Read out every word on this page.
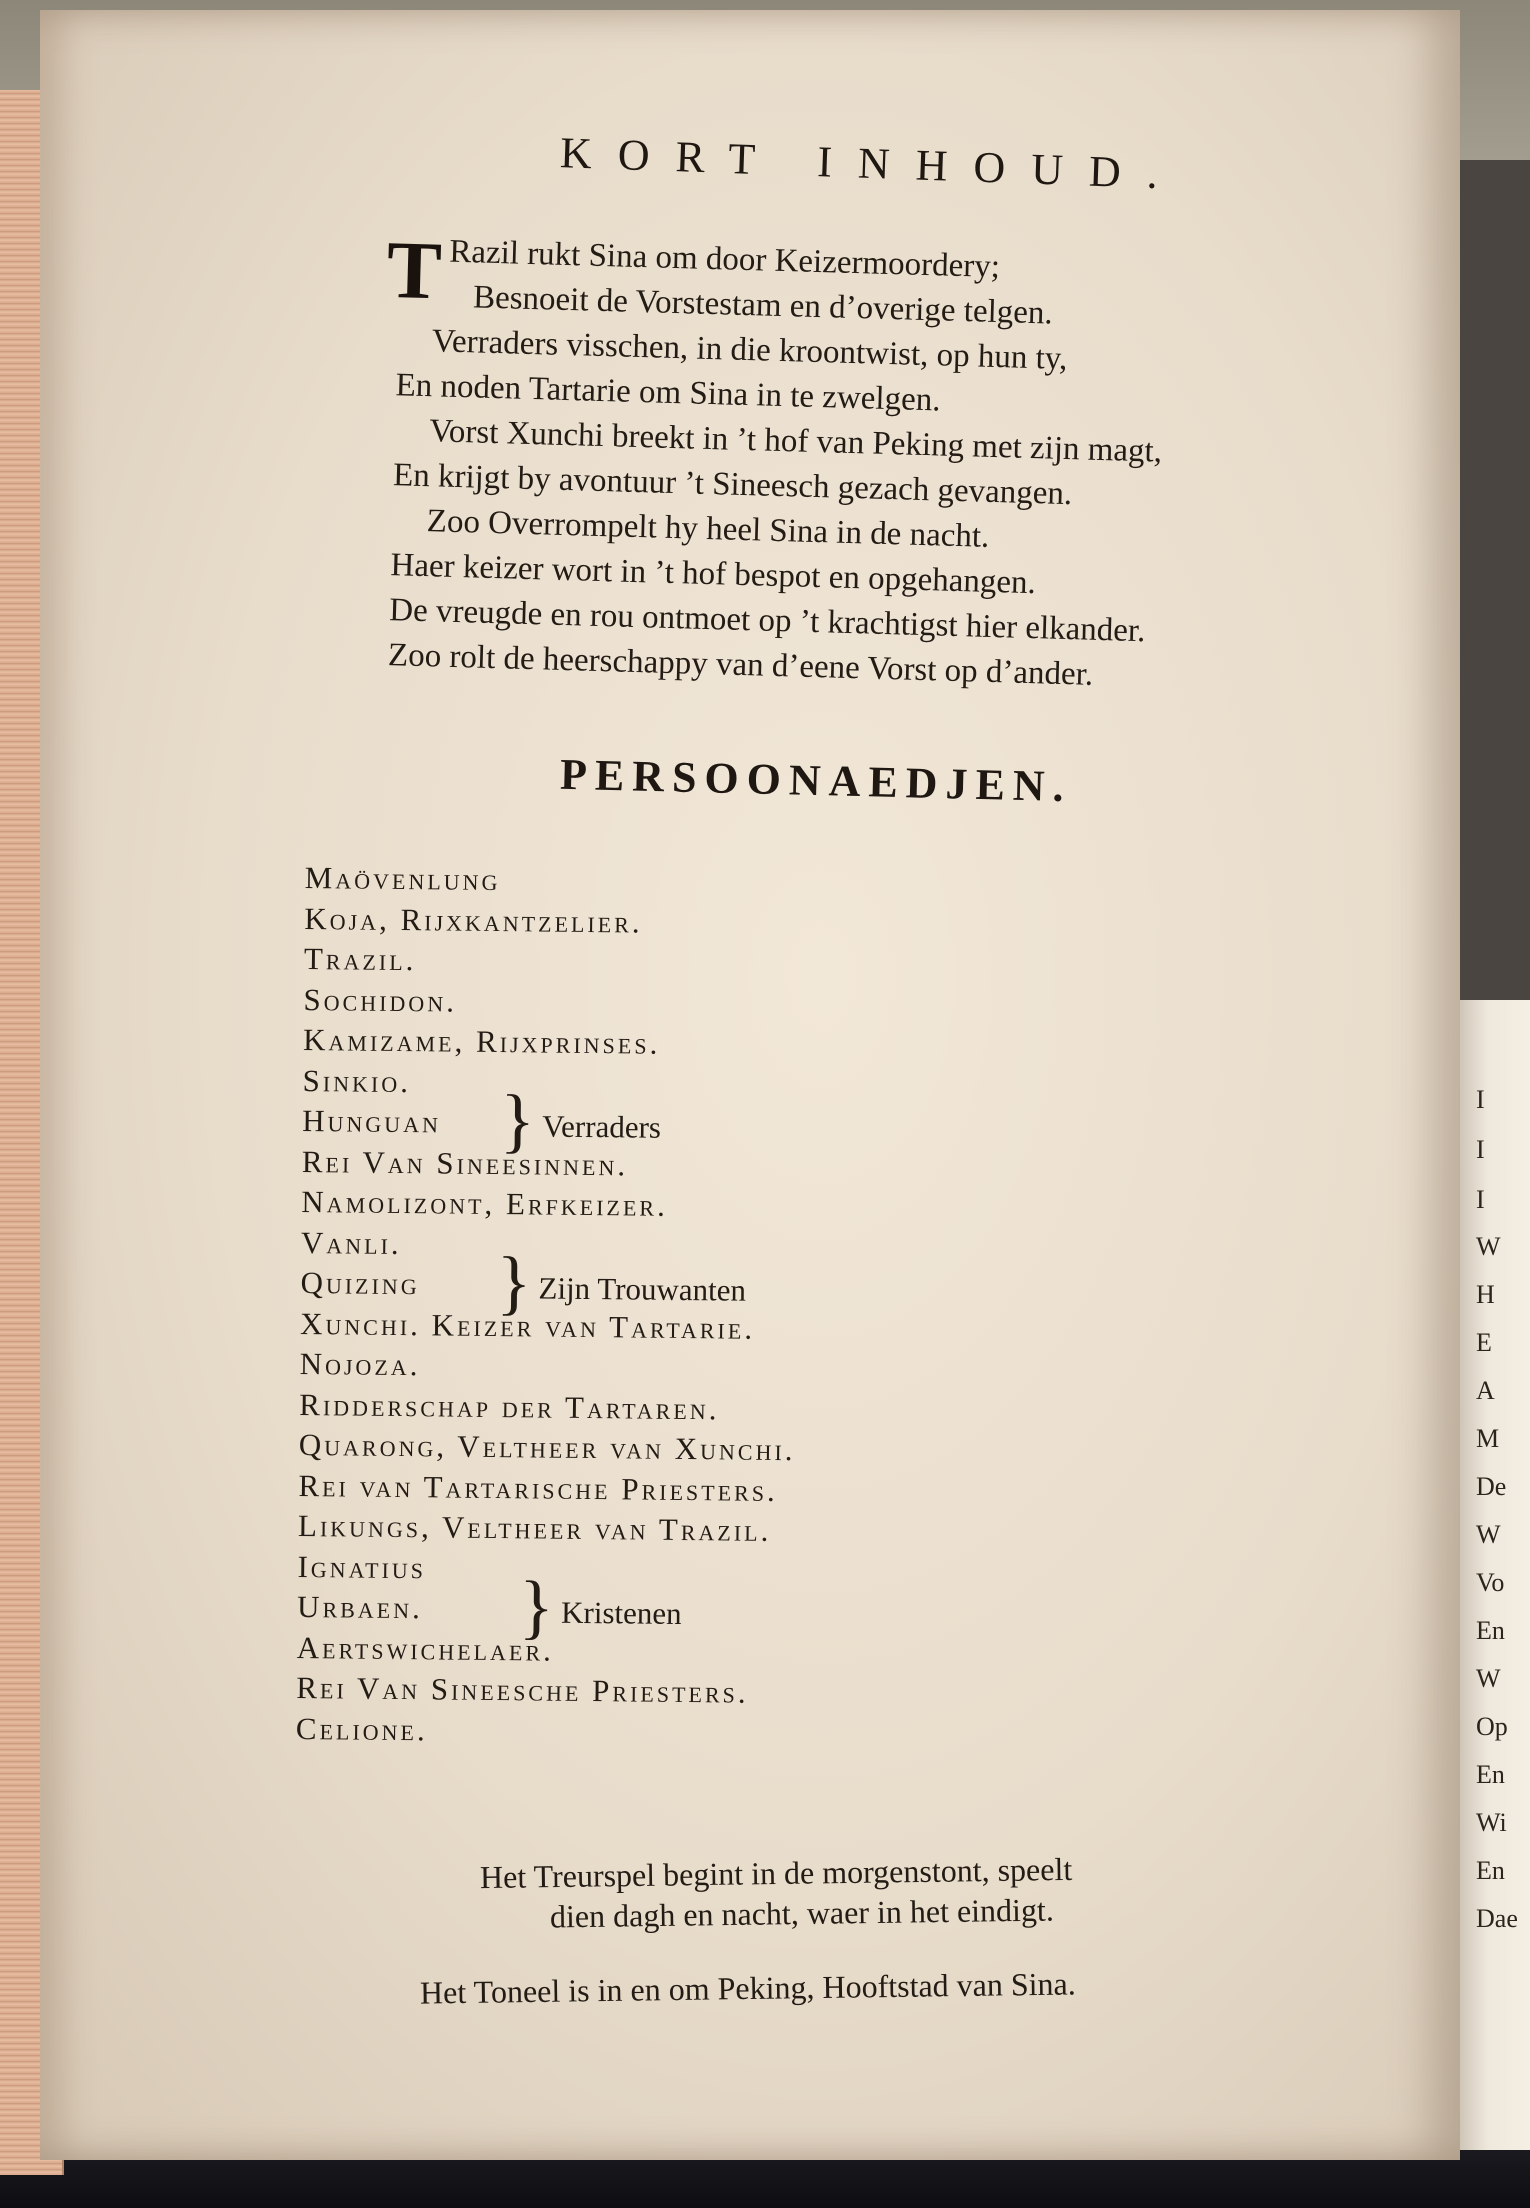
KORT INHOUD.
T Razil rukt Sina om door Keizermoordery;
Besnoeit de Vorstestam en d’overige telgen.
Verraders visschen, in die kroontwist, op hun ty,
En noden Tartarie om Sina in te zwelgen.
Vorst Xunchi breekt in ’t hof van Peking met zijn magt,
En krijgt by avontuur ’t Sineesch gezach gevangen.
Zoo Overrompelt hy heel Sina in de nacht.
Haer keizer wort in ’t hof bespot en opgehangen.
De vreugde en rou ontmoet op ’t krachtigst hier elkander.
Zoo rolt de heerschappy van d’eene Vorst op d’ander.
PERSOONAEDJEN.
Maövenlung
Koja, Rijxkantzelier.
Trazil.
Sochidon.
Kamizame, Rijxprinses.
Sinkio.
Hunguan
Rei Van Sineesinnen.
Namolizont, Erfkeizer.
Vanli.
Quizing
Xunchi. Keizer van Tartarie.
Nojoza.
Ridderschap der Tartaren.
Quarong, Veltheer van Xunchi.
Rei van Tartarische Priesters.
Likungs, Veltheer van Trazil.
Ignatius
Urbaen.
Aertswichelaer.
Rei Van Sineesche Priesters.
Celione.
} Verraders
} Zijn Trouwanten
} Kristenen
Het Treurspel begint in de morgenstont, speelt
dien dagh en nacht, waer in het eindigt.
Het Toneel is in en om Peking, Hooftstad van Sina.
I
I
I
W
H
E
A
M
De
W
Vo
En
W
Op
En
Wi
En
Dae
